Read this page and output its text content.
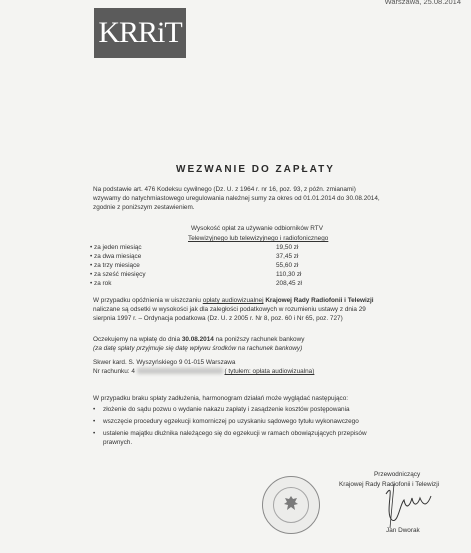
KRRiT
Warszawa, 25.08.2014
WEZWANIE DO ZAPŁATY
Na podstawie art. 476 Kodeksu cywilnego (Dz. U. z 1964 r. nr 16, poz. 93, z późn. zmianami)
wzywamy do natychmiastowego uregulowania należnej sumy za okres od 01.01.2014 do 30.08.2014,
zgodnie z poniższym zestawieniem.
Wysokość opłat za używanie odbiorników RTV
Telewizyjnego lub telewizyjnego i radiofonicznego
• za jeden miesiąc	19,50 zł
• za dwa miesiące	37,45 zł
• za trzy miesiące	55,60 zł
• za sześć miesięcy	110,30 zł
• za rok	208,45 zł
W przypadku opóźnienia w uiszczaniu opłaty audiowizualnej Krajowej Rady Radiofonii i Telewizji
naliczane są odsetki w wysokości jak dla zaległości podatkowych w rozumieniu ustawy z dnia 29
sierpnia 1997 r. – Ordynacja podatkowa (Dz. U. z 2005 r. Nr 8, poz. 60 i Nr 65, poz. 727)
Oczekujemy na wpłatę do dnia 30.08.2014 na poniższy rachunek bankowy
(za datę spłaty przyjmuje się datę wpływu środków na rachunek bankowy)
Skwer kard. S. Wyszyńskiego 9 01-015 Warszawa
Nr rachunku: 4	( tytułem: opłata audiowizualna)
W przypadku braku spłaty zadłużenia, harmonogram działań może wyglądać następująco:
• złożenie do sądu pozwu o wydanie nakazu zapłaty i zasądzenie kosztów postępowania
• wszczęcie procedury egzekucji komorniczej po uzyskaniu sądowego tytułu wykonawczego
• ustalenie majątku dłużnika należącego się do egzekucji w ramach obowiązujących przepisów
prawnych.
Przewodniczący
Krajowej Rady Radiofonii i Telewizji
Jan Dworak
